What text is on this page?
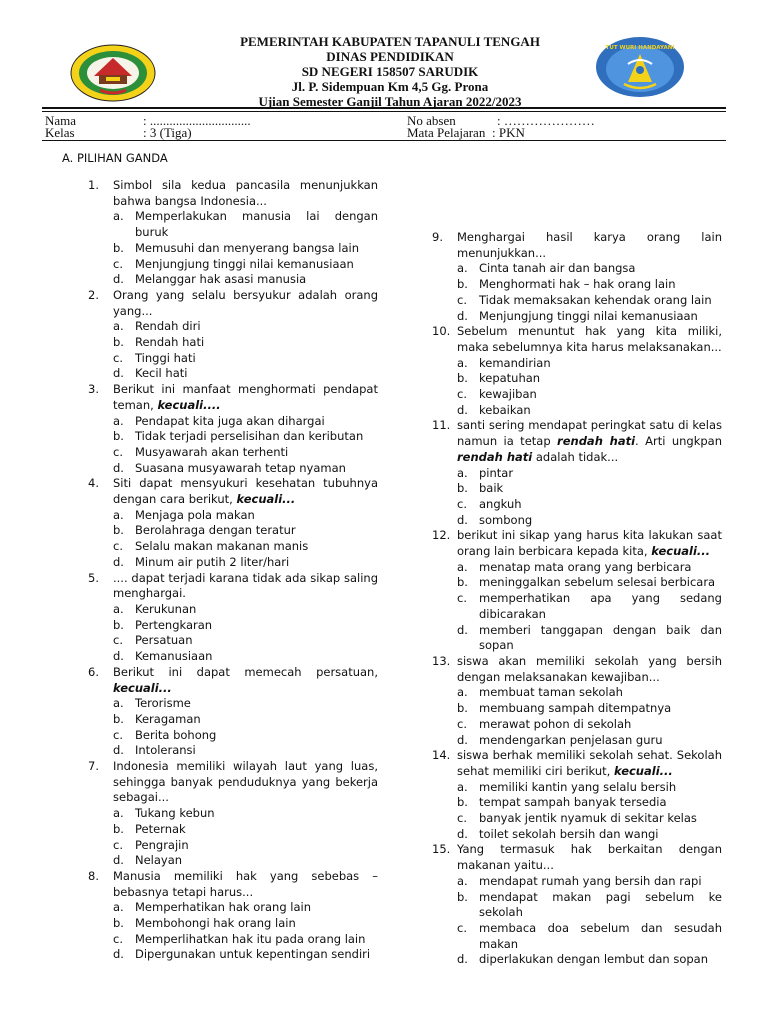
PEMERINTAH KABUPATEN TAPANULI TENGAH
DINAS PENDIDIKAN
SD NEGERI 158507 SARUDIK
Jl. P. Sidempuan Km 4,5 Gg. Prona
Ujian Semester Ganjil Tahun Ajaran 2022/2023
TUT WURI HANDAYANI
Nama	: ...............................
Kelas	: 3 (Tiga)
No absen	: …………………
Mata Pelajaran : PKN
A. PILIHAN GANDA
1.	Simbol sila kedua pancasila menunjukkan bahwa bangsa Indonesia...
a. Memperlakukan manusia lai dengan buruk
b. Memusuhi dan menyerang bangsa lain
c.	Menjungjung tinggi nilai kemanusiaan
d. Melanggar hak asasi manusia
2.	Orang yang selalu bersyukur adalah orang yang...
a. Rendah diri
b. Rendah hati
c.	Tinggi hati
d. Kecil hati
3.	Berikut ini manfaat menghormati pendapat teman, kecuali....
a. Pendapat kita juga akan dihargai
b. Tidak terjadi perselisihan dan keributan
c.	Musyawarah akan terhenti
d. Suasana musyawarah tetap nyaman
4.	Siti dapat mensyukuri kesehatan tubuhnya dengan cara berikut, kecuali...
a. Menjaga pola makan
b. Berolahraga dengan teratur
c.	Selalu makan makanan manis
d. Minum air putih 2 liter/hari
5.	.... dapat terjadi karana tidak ada sikap saling menghargai.
a. Kerukunan
b. Pertengkaran
c.	Persatuan
d. Kemanusiaan
6.	Berikut ini dapat memecah persatuan, kecuali...
a. Terorisme
b. Keragaman
c.	Berita bohong
d. Intoleransi
7.	Indonesia memiliki wilayah laut yang luas, sehingga banyak penduduknya yang bekerja sebagai...
a. Tukang kebun
b. Peternak
c.	Pengrajin
d. Nelayan
8.	Manusia memiliki hak yang sebebas – bebasnya tetapi harus...
a. Memperhatikan hak orang lain
b. Membohongi hak orang lain
c.	Memperlihatkan hak itu pada orang lain
d. Dipergunakan untuk kepentingan sendiri
9.	Menghargai hasil karya orang lain menunjukkan...
a. Cinta tanah air dan bangsa
b. Menghormati hak – hak orang lain
c.	Tidak memaksakan kehendak orang lain
d. Menjungjung tinggi nilai kemanusiaan
10. Sebelum menuntut hak yang kita miliki, maka sebelumnya kita harus melaksanakan...
a. kemandirian
b. kepatuhan
c.	kewajiban
d. kebaikan
11. santi sering mendapat peringkat satu di kelas namun ia tetap rendah hati. Arti ungkpan rendah hati adalah tidak...
a. pintar
b. baik
c.	angkuh
d. sombong
12. berikut ini sikap yang harus kita lakukan saat orang lain berbicara kepada kita, kecuali...
a. menatap mata orang yang berbicara
b. meninggalkan sebelum selesai berbicara
c.	memperhatikan apa yang sedang dibicarakan
d. memberi tanggapan dengan baik dan sopan
13. siswa akan memiliki sekolah yang bersih dengan melaksanakan kewajiban...
a. membuat taman sekolah
b. membuang sampah ditempatnya
c.	merawat pohon di sekolah
d. mendengarkan penjelasan guru
14. siswa berhak memiliki sekolah sehat. Sekolah sehat memiliki ciri berikut, kecuali...
a. memiliki kantin yang selalu bersih
b. tempat sampah banyak tersedia
c.	banyak jentik nyamuk di sekitar kelas
d. toilet sekolah bersih dan wangi
15. Yang termasuk hak berkaitan dengan makanan yaitu...
a. mendapat rumah yang bersih dan rapi
b. mendapat makan pagi sebelum ke sekolah
c.	membaca doa sebelum dan sesudah makan
d. diperlakukan dengan lembut dan sopan
